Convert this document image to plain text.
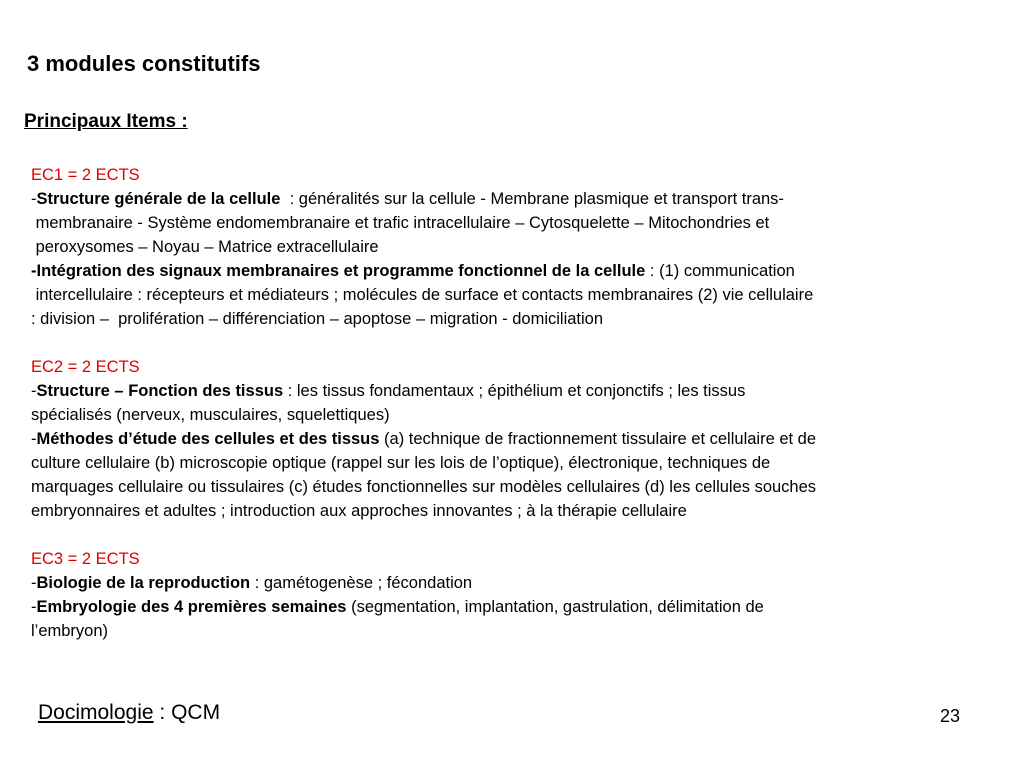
3 modules constitutifs
Principaux Items :
EC1 = 2 ECTS
-Structure générale de la cellule  : généralités sur la cellule - Membrane plasmique et transport trans-
membranaire - Système endomembranaire et trafic intracellulaire – Cytosquelette – Mitochondries et
peroxysomes – Noyau – Matrice extracellulaire
-Intégration des signaux membranaires et programme fonctionnel de la cellule : (1) communication
intercellulaire : récepteurs et médiateurs ; molécules de surface et contacts membranaires (2) vie cellulaire
: division –  prolifération – différenciation – apoptose – migration - domiciliation
EC2 = 2 ECTS
-Structure – Fonction des tissus : les tissus fondamentaux ; épithélium et conjonctifs ; les tissus
spécialisés (nerveux, musculaires, squelettiques)
-Méthodes d’étude des cellules et des tissus (a) technique de fractionnement tissulaire et cellulaire et de
culture cellulaire (b) microscopie optique (rappel sur les lois de l’optique), électronique, techniques de
marquages cellulaire ou tissulaires (c) études fonctionnelles sur modèles cellulaires (d) les cellules souches
embryonnaires et adultes ; introduction aux approches innovantes ; à la thérapie cellulaire
EC3 = 2 ECTS
-Biologie de la reproduction : gamétogenèse ; fécondation
-Embryologie des 4 premières semaines (segmentation, implantation, gastrulation, délimitation de
l’embryon)
Docimologie : QCM	23
